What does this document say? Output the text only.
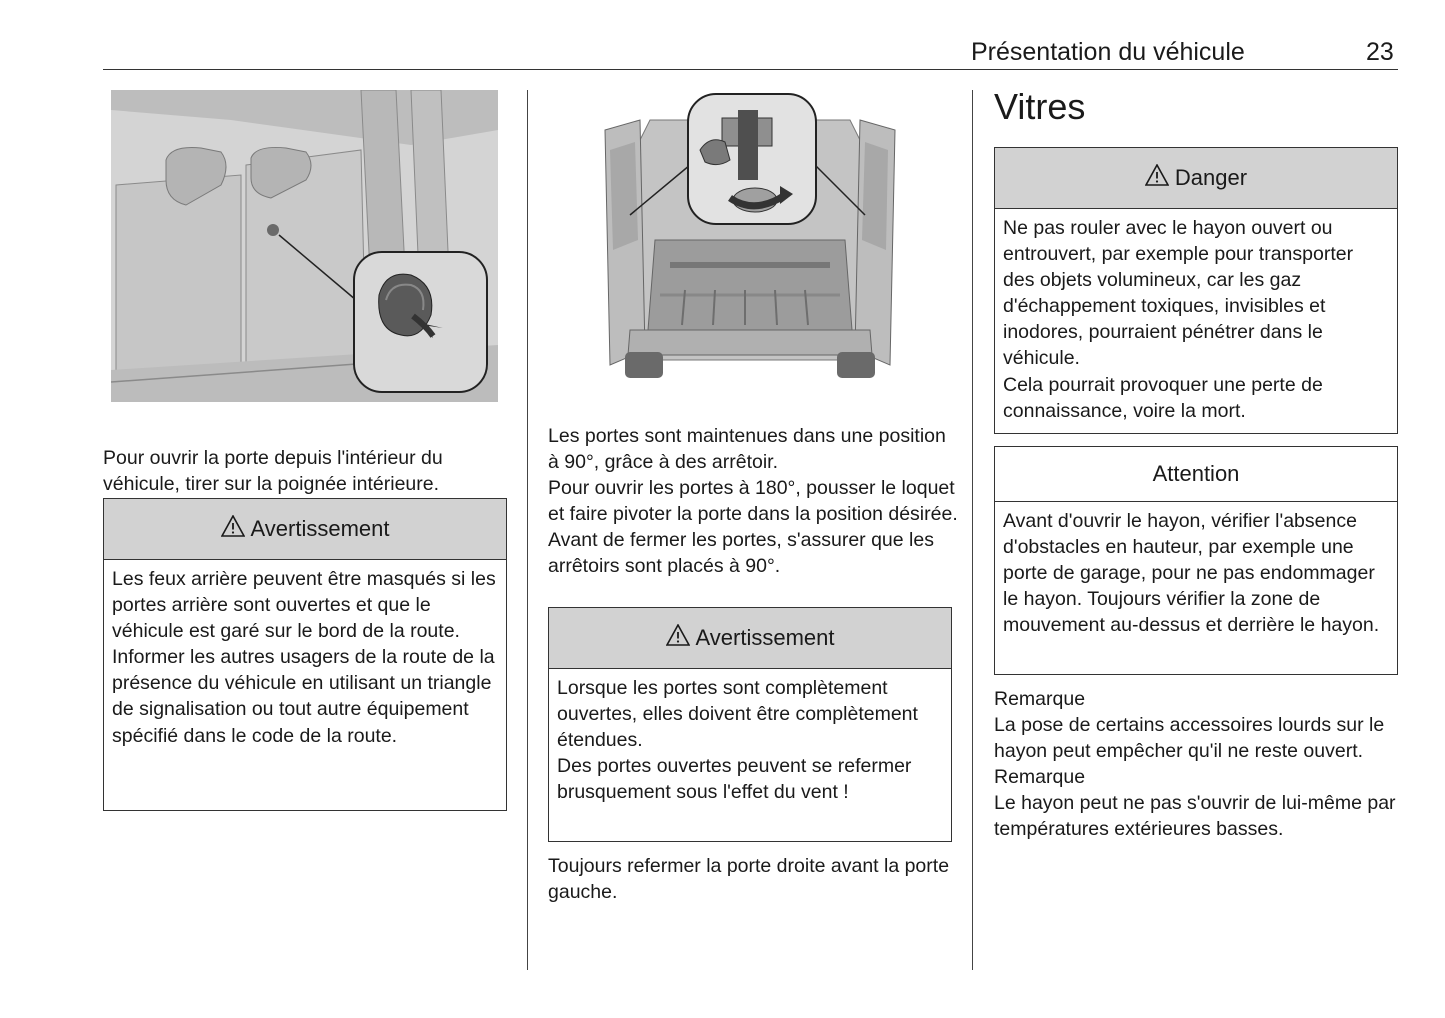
Présentation du véhicule	23

Pour ouvrir la porte depuis l'intérieur du véhicule, tirer sur la poignée intérieure.

Avertissement

Les feux arrière peuvent être masqués si les portes arrière sont ouvertes et que le véhicule est garé sur le bord de la route.

Informer les autres usagers de la route de la présence du véhicule en utilisant un triangle de signalisation ou tout autre équipement spécifié dans le code de la route.

Les portes sont maintenues dans une position à 90°, grâce à des arrêtoir.

Pour ouvrir les portes à 180°, pousser le loquet et faire pivoter la porte dans la position désirée.

Avant de fermer les portes, s'assurer que les arrêtoirs sont placés à 90°.

Avertissement

Lorsque les portes sont complètement ouvertes, elles doivent être complètement étendues.

Des portes ouvertes peuvent se refermer brusquement sous l'effet du vent !

Toujours refermer la porte droite avant la porte gauche.

Vitres
Danger

Ne pas rouler avec le hayon ouvert ou entrouvert, par exemple pour transporter des objets volumineux, car les gaz d'échappement toxiques, invisibles et inodores, pourraient pénétrer dans le véhicule.

Cela pourrait provoquer une perte de connaissance, voire la mort.

Attention

Avant d'ouvrir le hayon, vérifier l'absence d'obstacles en hauteur, par exemple une porte de garage, pour ne pas endommager le hayon. Toujours vérifier la zone de mouvement au-dessus et derrière le hayon.

Remarque

La pose de certains accessoires lourds sur le hayon peut empêcher qu'il ne reste ouvert.

Remarque

Le hayon peut ne pas s'ouvrir de lui-même par températures extérieures basses.
